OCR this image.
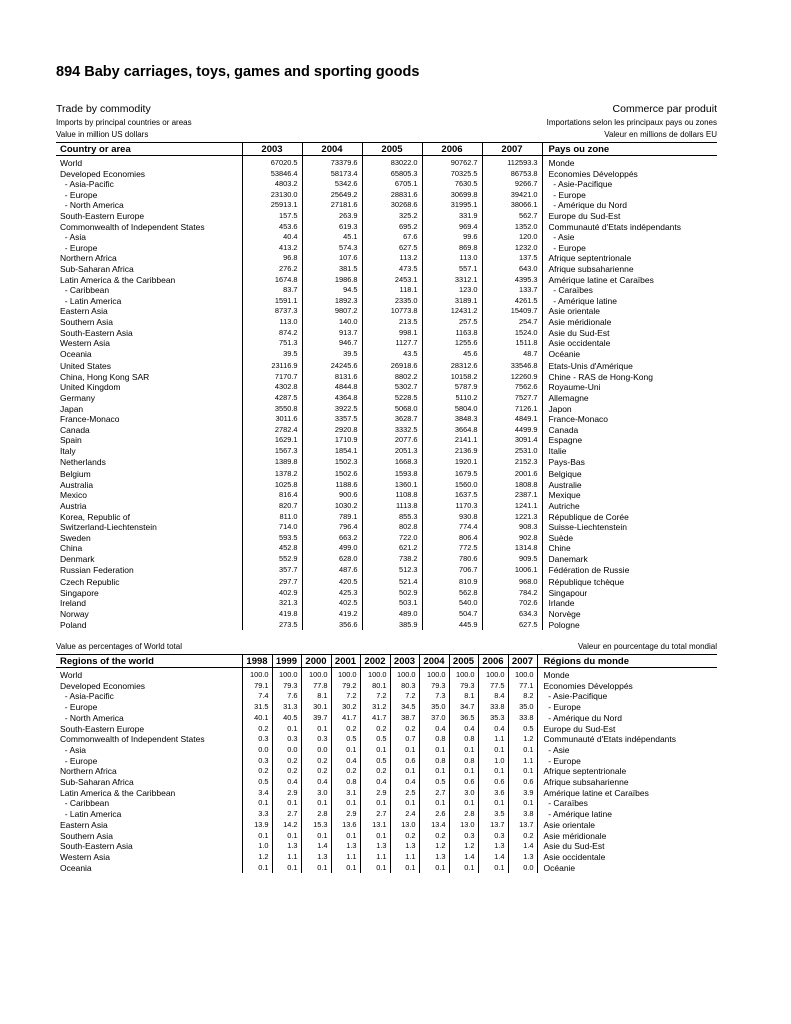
894 Baby carriages, toys, games and sporting goods
Trade by commodity	Commerce par produit
Imports by principal countries or areas	Importations selon les principaux pays ou zones
Value in million US dollars	Valeur en millions de dollars EU
Country or area	2003	2004	2005	2006	2007	Pays ou zone
World	67020.5	73379.6	83022.0	90762.7	112593.3	Monde
Developed Economies	53846.4	58173.4	65805.3	70325.5	86753.8	Economies Développés
- Asia-Pacific	4803.2	5342.6	6705.1	7630.5	9266.7	- Asie-Pacifique
- Europe	23130.0	25649.2	28831.6	30699.8	39421.0	- Europe
- North America	25913.1	27181.6	30268.6	31995.1	38066.1	- Amérique du Nord
South-Eastern Europe	157.5	263.9	325.2	331.9	562.7	Europe du Sud-Est
Commonwealth of Independent States	453.6	619.3	695.2	969.4	1352.0	Communauté d'Etats indépendants
- Asia	40.4	45.1	67.6	99.6	120.0	- Asie
- Europe	413.2	574.3	627.5	869.8	1232.0	- Europe
Northern Africa	96.8	107.6	113.2	113.0	137.5	Afrique septentrionale
Sub-Saharan Africa	276.2	381.5	473.5	557.1	643.0	Afrique subsaharienne
Latin America & the Caribbean	1674.8	1986.8	2453.1	3312.1	4395.3	Amérique latine et Caraïbes
- Caribbean	83.7	94.5	118.1	123.0	133.7	- Caraïbes
- Latin America	1591.1	1892.3	2335.0	3189.1	4261.5	- Amérique latine
Eastern Asia	8737.3	9807.2	10773.8	12431.2	15409.7	Asie orientale
Southern Asia	113.0	140.0	213.5	257.5	254.7	Asie méridionale
South-Eastern Asia	874.2	913.7	998.1	1163.8	1524.0	Asie du Sud-Est
Western Asia	751.3	946.7	1127.7	1255.6	1511.8	Asie occidentale
Oceania	39.5	39.5	43.5	45.6	48.7	Océanie
United States	23116.9	24245.6	26918.6	28312.6	33546.8	Etats-Unis d'Amérique
China, Hong Kong SAR	7170.7	8131.6	8802.2	10158.2	12260.9	Chine - RAS de Hong-Kong
United Kingdom	4302.8	4844.8	5302.7	5787.9	7562.6	Royaume-Uni
Germany	4287.5	4364.8	5228.5	5110.2	7527.7	Allemagne
Japan	3550.8	3922.5	5068.0	5804.0	7126.1	Japon
France-Monaco	3011.6	3357.5	3628.7	3848.3	4849.1	France-Monaco
Canada	2782.4	2920.8	3332.5	3664.8	4499.9	Canada
Spain	1629.1	1710.9	2077.6	2141.1	3091.4	Espagne
Italy	1567.3	1854.1	2051.3	2136.9	2531.0	Italie
Netherlands	1389.8	1502.3	1668.3	1920.1	2152.3	Pays-Bas
Belgium	1378.2	1502.6	1593.8	1679.5	2001.6	Belgique
Australia	1025.8	1188.6	1360.1	1560.0	1808.8	Australie
Mexico	816.4	900.6	1108.8	1637.5	2387.1	Mexique
Austria	820.7	1030.2	1113.8	1170.3	1241.1	Autriche
Korea, Republic of	811.0	789.1	855.3	930.8	1221.3	République de Corée
Switzerland-Liechtenstein	714.0	796.4	802.8	774.4	908.3	Suisse-Liechtenstein
Sweden	593.5	663.2	722.0	806.4	902.8	Suède
China	452.8	499.0	621.2	772.5	1314.8	Chine
Denmark	552.9	628.0	738.2	780.6	909.5	Danemark
Russian Federation	357.7	487.6	512.3	706.7	1006.1	Fédération de Russie
Czech Republic	297.7	420.5	521.4	810.9	968.0	République tchèque
Singapore	402.9	425.3	502.9	562.8	784.2	Singapour
Ireland	321.3	402.5	503.1	540.0	702.6	Irlande
Norway	419.8	419.2	489.0	504.7	634.3	Norvège
Poland	273.5	356.6	385.9	445.9	627.5	Pologne
Value as percentages of World total	Valeur en pourcentage du total mondial
Regions of the world	1998	1999	2000	2001	2002	2003	2004	2005	2006	2007	Régions du monde
World	100.0	100.0	100.0	100.0	100.0	100.0	100.0	100.0	100.0	100.0	Monde
Developed Economies	79.1	79.3	77.8	79.2	80.1	80.3	79.3	79.3	77.5	77.1	Economies Développés
- Asia-Pacific	7.4	7.6	8.1	7.2	7.2	7.2	7.3	8.1	8.4	8.2	- Asie-Pacifique
- Europe	31.5	31.3	30.1	30.2	31.2	34.5	35.0	34.7	33.8	35.0	- Europe
- North America	40.1	40.5	39.7	41.7	41.7	38.7	37.0	36.5	35.3	33.8	- Amérique du Nord
South-Eastern Europe	0.2	0.1	0.1	0.2	0.2	0.2	0.4	0.4	0.4	0.5	Europe du Sud-Est
Commonwealth of Independent States	0.3	0.3	0.3	0.5	0.5	0.7	0.8	0.8	1.1	1.2	Communauté d'Etats indépendants
- Asia	0.0	0.0	0.0	0.1	0.1	0.1	0.1	0.1	0.1	0.1	- Asie
- Europe	0.3	0.2	0.2	0.4	0.5	0.6	0.8	0.8	1.0	1.1	- Europe
Northern Africa	0.2	0.2	0.2	0.2	0.2	0.1	0.1	0.1	0.1	0.1	Afrique septentrionale
Sub-Saharan Africa	0.5	0.4	0.4	0.8	0.4	0.4	0.5	0.6	0.6	0.6	Afrique subsaharienne
Latin America & the Caribbean	3.4	2.9	3.0	3.1	2.9	2.5	2.7	3.0	3.6	3.9	Amérique latine et Caraïbes
- Caribbean	0.1	0.1	0.1	0.1	0.1	0.1	0.1	0.1	0.1	0.1	- Caraïbes
- Latin America	3.3	2.7	2.8	2.9	2.7	2.4	2.6	2.8	3.5	3.8	- Amérique latine
Eastern Asia	13.9	14.2	15.3	13.6	13.1	13.0	13.4	13.0	13.7	13.7	Asie orientale
Southern Asia	0.1	0.1	0.1	0.1	0.1	0.2	0.2	0.3	0.3	0.2	Asie méridionale
South-Eastern Asia	1.0	1.3	1.4	1.3	1.3	1.3	1.2	1.2	1.3	1.4	Asie du Sud-Est
Western Asia	1.2	1.1	1.3	1.1	1.1	1.1	1.3	1.4	1.4	1.3	Asie occidentale
Oceania	0.1	0.1	0.1	0.1	0.1	0.1	0.1	0.1	0.1	0.0	Océanie
